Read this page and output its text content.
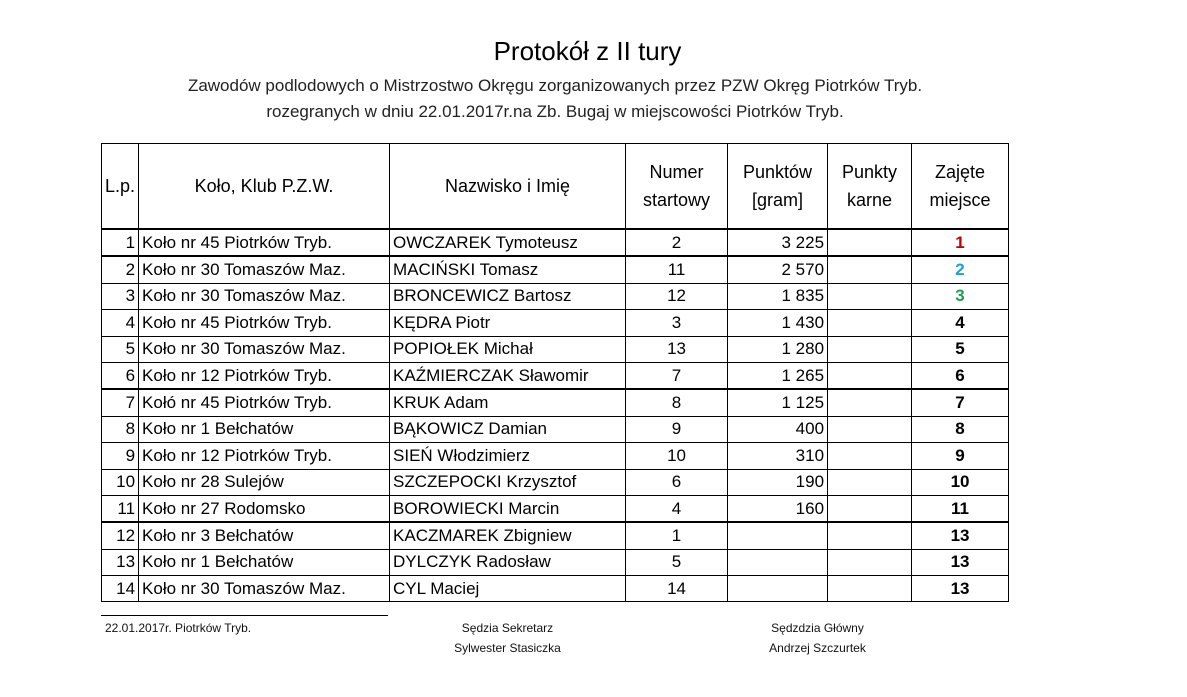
Protokół z II tury
Zawodów podlodowych o Mistrzostwo Okręgu zorganizowanych przez PZW Okręg Piotrków Tryb.
rozegranych w dniu 22.01.2017r.na Zb. Bugaj w miejscowości Piotrków Tryb.
L.p.	Koło, Klub P.Z.W.	Nazwisko i Imię	Numer startowy	Punktów [gram]	Punkty karne	Zajęte miejsce
1	Koło nr 45 Piotrków Tryb.	OWCZAREK Tymoteusz	2	3 225		1
2	Koło nr 30 Tomaszów Maz.	MACIŃSKI Tomasz	11	2 570		2
3	Koło nr 30 Tomaszów Maz.	BRONCEWICZ Bartosz	12	1 835		3
4	Koło nr 45 Piotrków Tryb.	KĘDRA Piotr	3	1 430		4
5	Koło nr 30 Tomaszów Maz.	POPIOŁEK Michał	13	1 280		5
6	Koło nr 12 Piotrków Tryb.	KAŹMIERCZAK Sławomir	7	1 265		6
7	Kołó nr 45 Piotrków Tryb.	KRUK Adam	8	1 125		7
8	Koło nr 1 Bełchatów	BĄKOWICZ Damian	9	400		8
9	Koło nr 12 Piotrków Tryb.	SIEŃ Włodzimierz	10	310		9
10	Koło nr 28 Sulejów	SZCZEPOCKI Krzysztof	6	190		10
11	Koło nr 27 Rodomsko	BOROWIECKI Marcin	4	160		11
12	Koło nr 3 Bełchatów	KACZMAREK Zbigniew	1			13
13	Koło nr 1 Bełchatów	DYLCZYK Radosław	5			13
14	Koło nr 30 Tomaszów Maz.	CYL Maciej	14			13
22.01.2017r. Piotrków Tryb.	Sędzia Sekretarz
Sylwester Stasiczka
Sędzdzia Główny
Andrzej Szczurtek
